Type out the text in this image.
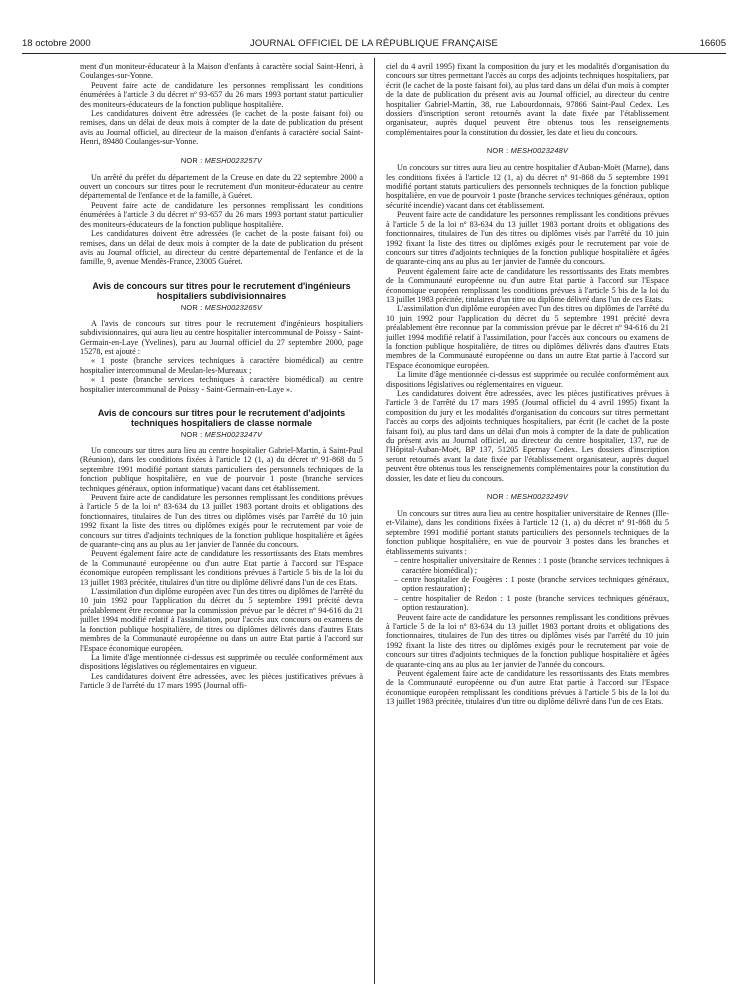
18 octobre 2000	JOURNAL OFFICIEL DE LA RÉPUBLIQUE FRANÇAISE	16605

ment d'un moniteur-éducateur à la Maison d'enfants à caractère social Saint-Henri, à Coulanges-sur-Yonne.

Peuvent faire acte de candidature les personnes remplissant les conditions énumérées à l'article 3 du décret nº 93-657 du 26 mars 1993 portant statut particulier des moniteurs-éducateurs de la fonction publique hospitalière.

Les candidatures doivent être adressées (le cachet de la poste faisant foi) ou remises, dans un délai de deux mois à compter de la date de publication du présent avis au Journal officiel, au directeur de la maison d'enfants à caractère social Saint-Henri, 89480 Coulanges-sur-Yonne.

NOR : MESH0023257V

Un arrêté du préfet du département de la Creuse en date du 22 septembre 2000 a ouvert un concours sur titres pour le recrutement d'un moniteur-éducateur au centre départemental de l'enfance et de la famille, à Guéret.

Peuvent faire acte de candidature les personnes remplissant les conditions énumérées à l'article 3 du décret nº 93-657 du 26 mars 1993 portant statut particulier des moniteurs-éducateurs de la fonction publique hospitalière.

Les candidatures doivent être adressées (le cachet de la poste faisant foi) ou remises, dans un délai de deux mois à compter de la date de publication du présent avis au Journal officiel, au directeur du centre départemental de l'enfance et de la famille, 9, avenue Mendès-France, 23005 Guéret.

Avis de concours sur titres pour le recrutement d'ingénieurs hospitaliers subdivisionnaires
NOR : MESH0023265V

A l'avis de concours sur titres pour le recrutement d'ingénieurs hospitaliers subdivisionnaires, qui aura lieu au centre hospitalier intercommunal de Poissy - Saint-Germain-en-Laye (Yvelines), paru au Journal officiel du 27 septembre 2000, page 15278, est ajouté :

« 1 poste (branche services techniques à caractère biomédical) au centre hospitalier intercommunal de Meulan-les-Mureaux ;

« 1 poste (branche services techniques à caractère biomédical) au centre hospitalier intercommunal de Poissy - Saint-Germain-en-Laye ».

Avis de concours sur titres pour le recrutement d'adjoints techniques hospitaliers de classe normale
NOR : MESH0023247V

Un concours sur titres aura lieu au centre hospitalier Gabriel-Martin, à Saint-Paul (Réunion), dans les conditions fixées à l'article 12 (1, a) du décret nº 91-868 du 5 septembre 1991 modifié portant statuts particuliers des personnels techniques de la fonction publique hospitalière, en vue de pourvoir 1 poste (branche services techniques généraux, option informatique) vacant dans cet établissement.

Peuvent faire acte de candidature les personnes remplissant les conditions prévues à l'article 5 de la loi nº 83-634 du 13 juillet 1983 portant droits et obligations des fonctionnaires, titulaires de l'un des titres ou diplômes visés par l'arrêté du 10 juin 1992 fixant la liste des titres ou diplômes exigés pour le recrutement par voie de concours sur titres d'adjoints techniques de la fonction publique hospitalière et âgées de quarante-cinq ans au plus au 1er janvier de l'année du concours.

Peuvent également faire acte de candidature les ressortissants des Etats membres de la Communauté européenne ou d'un autre Etat partie à l'accord sur l'Espace économique européen remplissant les conditions prévues à l'article 5 bis de la loi du 13 juillet 1983 précitée, titulaires d'un titre ou diplôme délivré dans l'un de ces Etats.

L'assimilation d'un diplôme européen avec l'un des titres ou diplômes de l'arrêté du 10 juin 1992 pour l'application du décret du 5 septembre 1991 précité devra préalablement être reconnue par la commission prévue par le décret nº 94-616 du 21 juillet 1994 modifié relatif à l'assimilation, pour l'accès aux concours ou examens de la fonction publique hospitalière, de titres ou diplômes délivrés dans d'autres Etats membres de la Communauté européenne ou dans un autre Etat partie à l'accord sur l'Espace économique européen.

La limite d'âge mentionnée ci-dessus est supprimée ou reculée conformément aux dispositions législatives ou réglementaires en vigueur.

Les candidatures doivent être adressées, avec les pièces justificatives prévues à l'article 3 de l'arrêté du 17 mars 1995 (Journal offi-

ciel du 4 avril 1995) fixant la composition du jury et les modalités d'organisation du concours sur titres permettant l'accès au corps des adjoints techniques hospitaliers, par écrit (le cachet de la poste faisant foi), au plus tard dans un délai d'un mois à compter de la date de publication du présent avis au Journal officiel, au directeur du centre hospitalier Gabriel-Martin, 38, rue Labourdonnais, 97866 Saint-Paul Cedex. Les dossiers d'inscription seront retournés avant la date fixée par l'établissement organisateur, auprès duquel peuvent être obtenus tous les renseignements complémentaires pour la constitution du dossier, les date et lieu du concours.

NOR : MESH0023248V

Un concours sur titres aura lieu au centre hospitalier d'Auban-Moët (Marne), dans les conditions fixées à l'article 12 (1, a) du décret nº 91-868 du 5 septembre 1991 modifié portant statuts particuliers des personnels techniques de la fonction publique hospitalière, en vue de pourvoir 1 poste (branche services techniques généraux, option sécurité incendie) vacant dans cet établissement.

Peuvent faire acte de candidature les personnes remplissant les conditions prévues à l'article 5 de la loi nº 83-634 du 13 juillet 1983 portant droits et obligations des fonctionnaires, titulaires de l'un des titres ou diplômes visés par l'arrêté du 10 juin 1992 fixant la liste des titres ou diplômes exigés pour le recrutement par voie de concours sur titres d'adjoints techniques de la fonction publique hospitalière et âgées de quarante-cinq ans au plus au 1er janvier de l'année du concours.

Peuvent également faire acte de candidature les ressortissants des Etats membres de la Communauté européenne ou d'un autre Etat partie à l'accord sur l'Espace économique européen remplissant les conditions prévues à l'article 5 bis de la loi du 13 juillet 1983 précitée, titulaires d'un titre ou diplôme délivré dans l'un de ces Etats.

L'assimilation d'un diplôme européen avec l'un des titres ou diplômes de l'arrêté du 10 juin 1992 pour l'application du décret du 5 septembre 1991 précité devra préalablement être reconnue par la commission prévue par le décret nº 94-616 du 21 juillet 1994 modifié relatif à l'assimilation, pour l'accès aux concours ou examens de la fonction publique hospitalière, de titres ou diplômes délivrés dans d'autres Etats membres de la Communauté européenne ou dans un autre Etat partie à l'accord sur l'Espace économique européen.

La limite d'âge mentionnée ci-dessus est supprimée ou reculée conformément aux dispositions législatives ou réglementaires en vigueur.

Les candidatures doivent être adressées, avec les pièces justificatives prévues à l'article 3 de l'arrêté du 17 mars 1995 (Journal officiel du 4 avril 1995) fixant la composition du jury et les modalités d'organisation du concours sur titres permettant l'accès au corps des adjoints techniques hospitaliers, par écrit (le cachet de la poste faisant foi), au plus tard dans un délai d'un mois à compter de la date de publication du présent avis au Journal officiel, au directeur du centre hospitalier, 137, rue de l'Hôpital-Auban-Moët, BP 137, 51205 Epernay Cedex. Les dossiers d'inscription seront retournés avant la date fixée par l'établissement organisateur, auprès duquel peuvent être obtenus tous les renseignements complémentaires pour la constitution du dossier, les date et lieu du concours.

NOR : MESH0023249V

Un concours sur titres aura lieu au centre hospitalier universitaire de Rennes (Ille-et-Vilaine), dans les conditions fixées à l'article 12 (1, a) du décret nº 91-868 du 5 septembre 1991 modifié portant statuts particuliers des personnels techniques de la fonction publique hospitalière, en vue de pourvoir 3 postes dans les branches et établissements suivants :

– centre hospitalier universitaire de Rennes : 1 poste (branche services techniques à caractère biomédical) ;
– centre hospitalier de Fougères : 1 poste (branche services techniques généraux, option restauration) ;
– centre hospitalier de Redon : 1 poste (branche services techniques généraux, option restauration).

Peuvent faire acte de candidature les personnes remplissant les conditions prévues à l'article 5 de la loi nº 83-634 du 13 juillet 1983 portant droits et obligations des fonctionnaires, titulaires de l'un des titres ou diplômes visés par l'arrêté du 10 juin 1992 fixant la liste des titres ou diplômes exigés pour le recrutement par voie de concours sur titres d'adjoints techniques de la fonction publique hospitalière et âgées de quarante-cinq ans au plus au 1er janvier de l'année du concours.

Peuvent également faire acte de candidature les ressortissants des Etats membres de la Communauté européenne ou d'un autre Etat partie à l'accord sur l'Espace économique européen remplissant les conditions prévues à l'article 5 bis de la loi du 13 juillet 1983 précitée, titulaires d'un titre ou diplôme délivré dans l'un de ces Etats.
